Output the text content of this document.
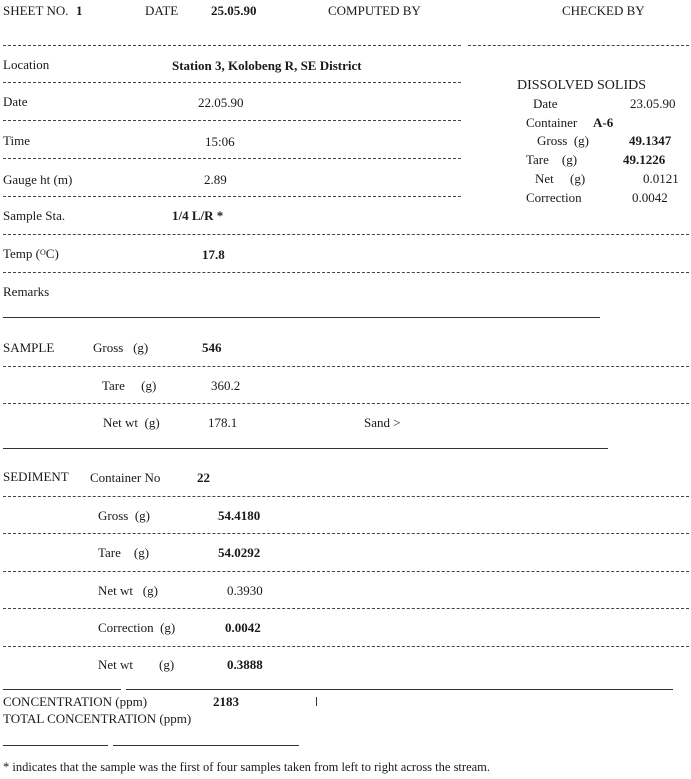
SHEET NO. 1	DATE	25.05.90	COMPUTED BY	CHECKED BY
Location	Station 3, Kolobeng R, SE District
Date	22.05.90
Time	15:06
Gauge ht (m)	2.89
Sample Sta.	1/4 L/R *
Temp ($^O$C)	17.8
Remarks
DISSOLVED SOLIDS
Date	23.05.90
Container A-6
Gross  (g)	49.1347
Tare    (g)	49.1226
Net     (g)	0.0121
Correction	0.0042
SAMPLE	Gross   (g)	546
Tare     (g)	360.2
Net wt  (g)	178.1	Sand >
SEDIMENT Container No	22
Gross  (g)	54.4180
Tare    (g)	54.0292
Net wt   (g)	0.3930
Correction  (g)	0.0042
Net wt        (g)	0.3888
CONCENTRATION (ppm)	2183
TOTAL CONCENTRATION (ppm)
* indicates that the sample was the first of four samples taken from left to right across the stream.
